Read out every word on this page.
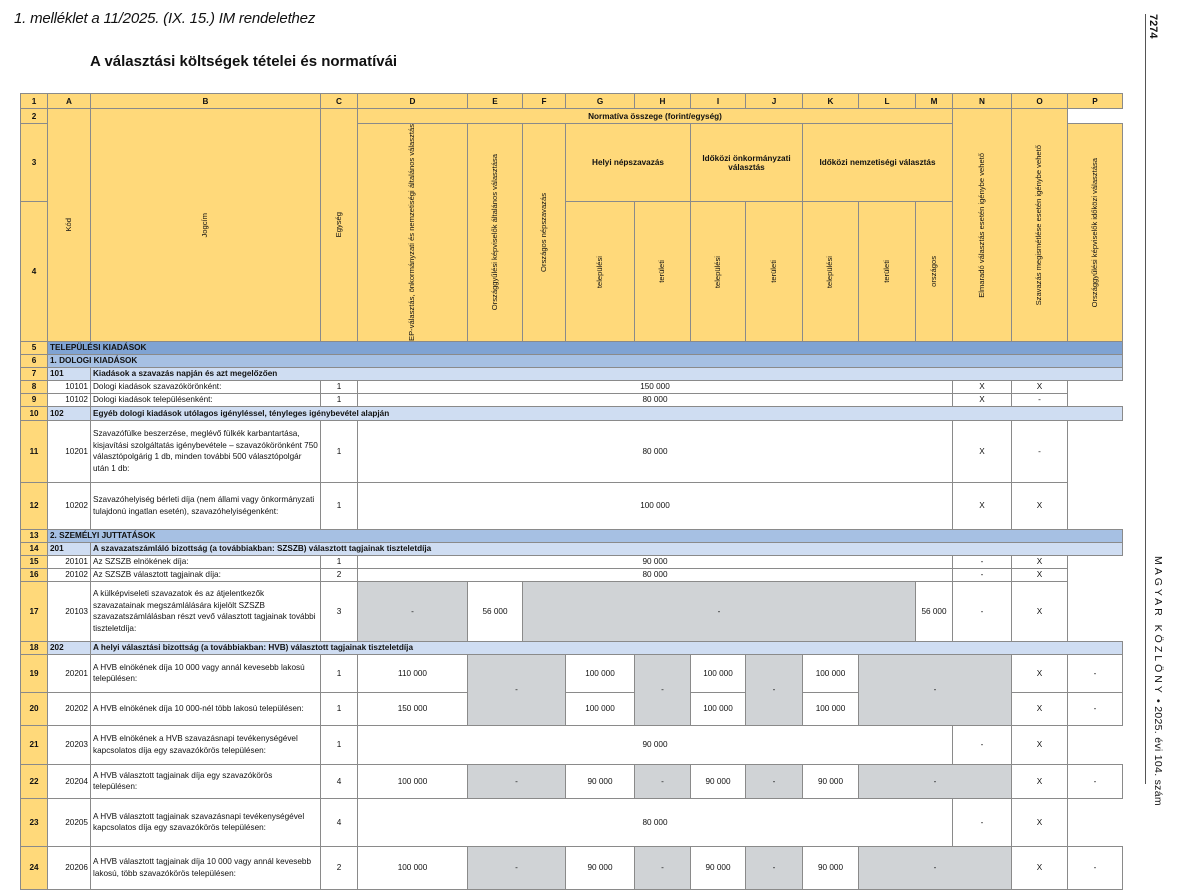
1. melléklet a 11/2025. (IX. 15.) IM rendelethez
A választási költségek tételei és normatívái
7274
MAGYAR KÖZLÖNY • 2025. évi 104. szám
1	A	B	C	D	E	F	G	H	I	J	K	L	M	N	O	P
2	Kód	Jogcím	Egység	Normatíva összege (forint/egység)										Elmaradó választás esetén igénybe vehető	Szavazás megismétlése esetén igénybe vehető	

3				EP-választás, önkormányzati és nemzetiségi általános választás	Országgyűlési képviselők általános választása	Országos népszavazás	Helyi népszavazás		Időközi önkormányzati választás		Időközi nemzetiségi választás					Országgyűlési képviselők időközi választása

4							települési	területi	települési	területi	települési	területi	országos			

5	TELEPÜLÉSI KIADÁSOK															
6	1. DOLOGI KIADÁSOK															
7	101	Kiadások a szavazás napján és azt megelőzően														
8	10101	Dologi kiadások szavazókörönként:	1	150 000										X	X	
9	10102	Dologi kiadások településenként:	1	80 000										X	-	
10	102	Egyéb dologi kiadások utólagos igényléssel, tényleges igénybevétel alapján														
11	10201	Szavazófülke beszerzése, meglévő fülkék karbantartása, kisjavítási szolgáltatás igénybevétele – szavazókörönként 750 választópolgárig 1 db, minden további 500 választópolgár után 1 db:	1	80 000										X	-	
12	10202	Szavazóhelyiség bérleti díja (nem állami vagy önkormányzati tulajdonú ingatlan esetén), szavazóhelyiségenként:	1	100 000										X	X	
13	2. SZEMÉLYI JUTTATÁSOK															
14	201	A szavazatszámláló bizottság (a továbbiakban: SZSZB) választott tagjainak tiszteletdíja														
15	20101	Az SZSZB elnökének díja:	1	90 000										-	X	
16	20102	Az SZSZB választott tagjainak díja:	2	80 000										-	X	
17	20103	A külképviseleti szavazatok és az átjelentkezők szavazatainak megszámlálására kijelölt SZSZB szavazatszámlálásban részt vevő választott tagjainak további tiszteletdíja:	3	-	56 000	-							56 000	-	X	
18	202	A helyi választási bizottság (a továbbiakban: HVB) választott tagjainak tiszteletdíja														
19	20201	A HVB elnökének díja 10 000 vagy annál kevesebb lakosú településen:	1	110 000	-		100 000	-	100 000	-	100 000	-			X	-
20	20202	A HVB elnökének díja 10 000-nél több lakosú településen:	1	150 000			100 000		100 000		100 000				X	-
21	20203	A HVB elnökének a HVB szavazásnapi tevékenységével kapcsolatos díja egy szavazókörös településen:	1	90 000										-	X	
22	20204	A HVB választott tagjainak díja egy szavazókörös településen:	4	100 000	-		90 000	-	90 000	-	90 000	-			X	-
23	20205	A HVB választott tagjainak szavazásnapi tevékenységével kapcsolatos díja egy szavazókörös településen:	4	80 000										-	X	
24	20206	A HVB választott tagjainak díja 10 000 vagy annál kevesebb lakosú, több szavazókörös településen:	2	100 000	-		90 000	-	90 000	-	90 000	-			X	-
